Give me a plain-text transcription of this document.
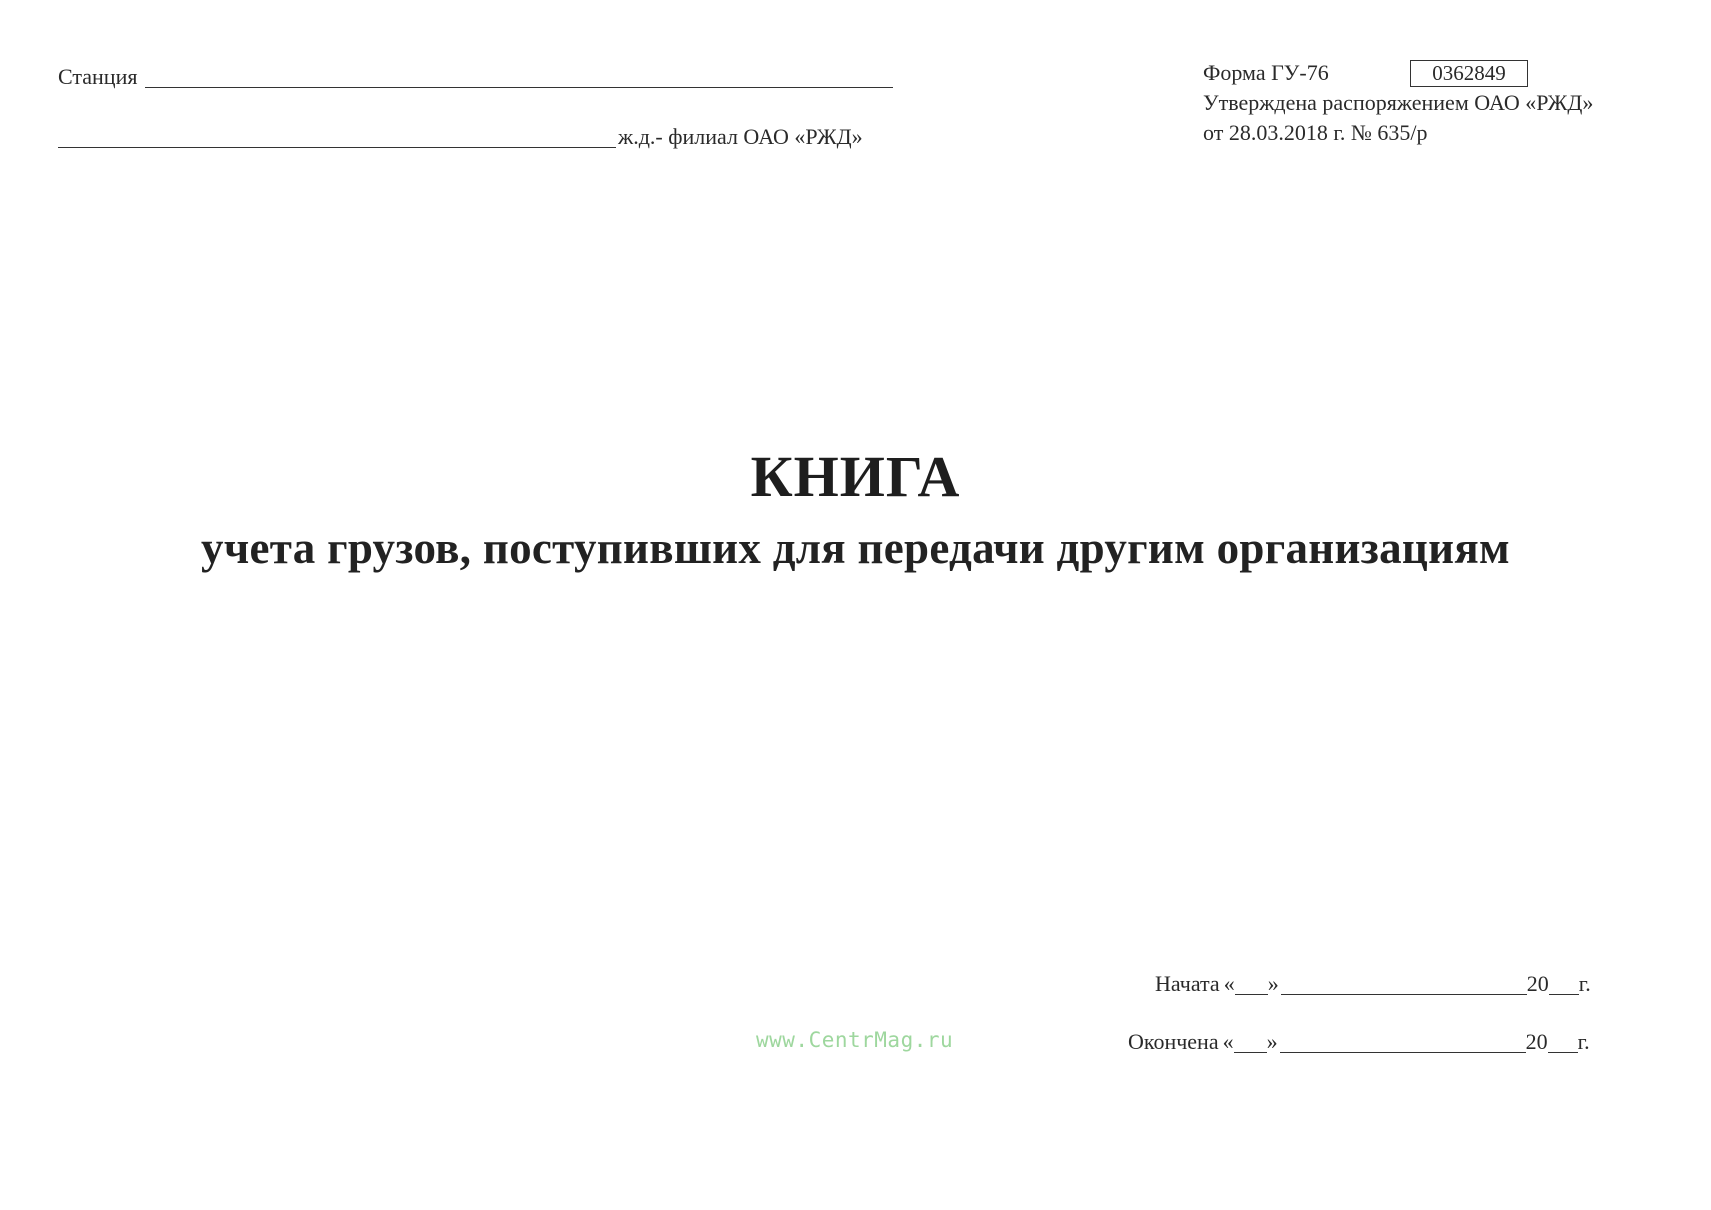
Станция
ж.д.- филиал ОАО «РЖД»
Форма ГУ-76	0362849
Утверждена распоряжением ОАО «РЖД»
от 28.03.2018 г. № 635/р
КНИГА
учета грузов, поступивших для передачи другим организациям
Начата « »	20 г.
Окончена « »	20 г.
www.CentrMag.ru
